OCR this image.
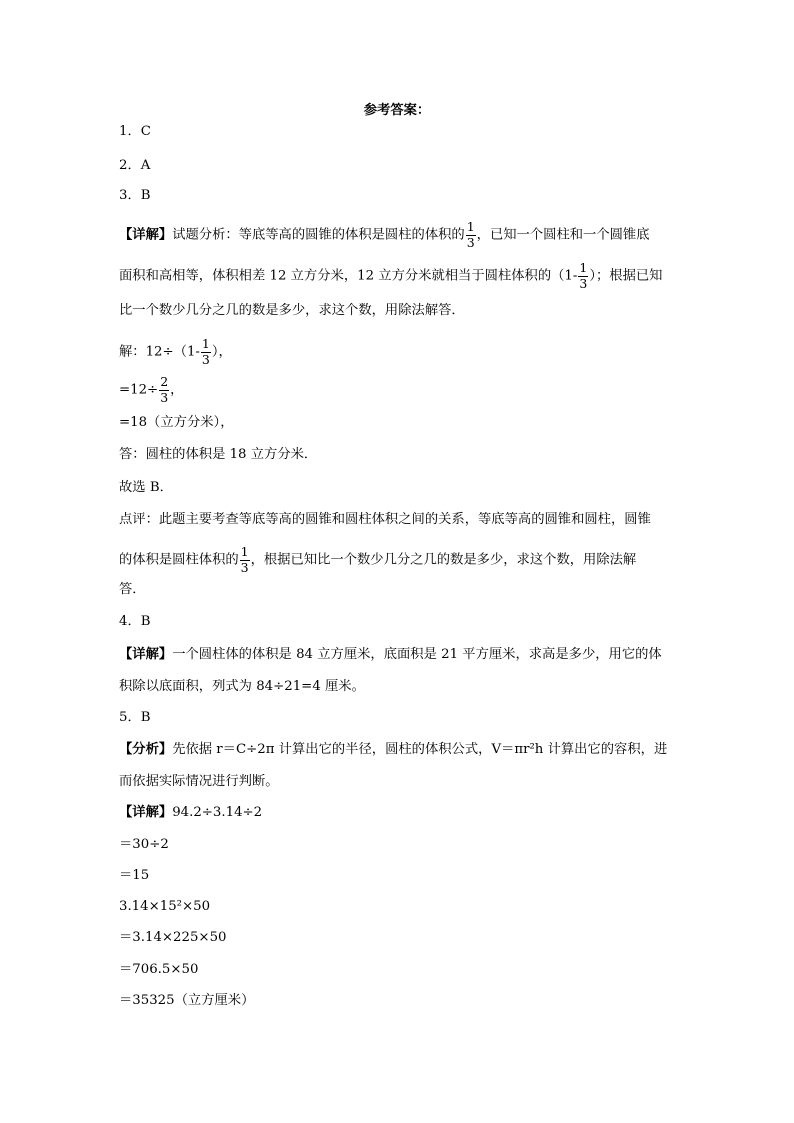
参考答案：
1．C
2．A
3．B
【详解】试题分析：等底等高的圆锥的体积是圆柱的体积的 $\frac{1}{3}$ ，已知一个圆柱和一个圆锥底
面积和高相等，体积相差 12 立方分米，12 立方分米就相当于圆柱体积的（$1- \frac{1}{3}$ ）；根据已知
比一个数少几分之几的数是多少，求这个数，用除法解答．
解：$12\div(1- \frac{1}{3}$ ），
$=12\div \frac{2}{3}$ ，
=18（立方分米），
答：圆柱的体积是 18 立方分米．
故选 B．
点评：此题主要考查等底等高的圆锥和圆柱体积之间的关系，等底等高的圆锥和圆柱，圆锥
的体积是圆柱体积的 $\frac{1}{3}$ ，根据已知比一个数少几分之几的数是多少，求这个数，用除法解
答．
4．B
【详解】一个圆柱体的体积是 84 立方厘米，底面积是 21 平方厘米，求高是多少，用它的体
积除以底面积，列式为 84÷21=4 厘米。
5．B
【分析】先依据 r＝C÷2π 计算出它的半径，圆柱的体积公式，V＝πr²h 计算出它的容积，进
而依据实际情况进行判断。
【详解】94.2÷3.14÷2
＝30÷2
＝15
3.14×15²×50
＝3.14×225×50
＝706.5×50
＝35325（立方厘米）
